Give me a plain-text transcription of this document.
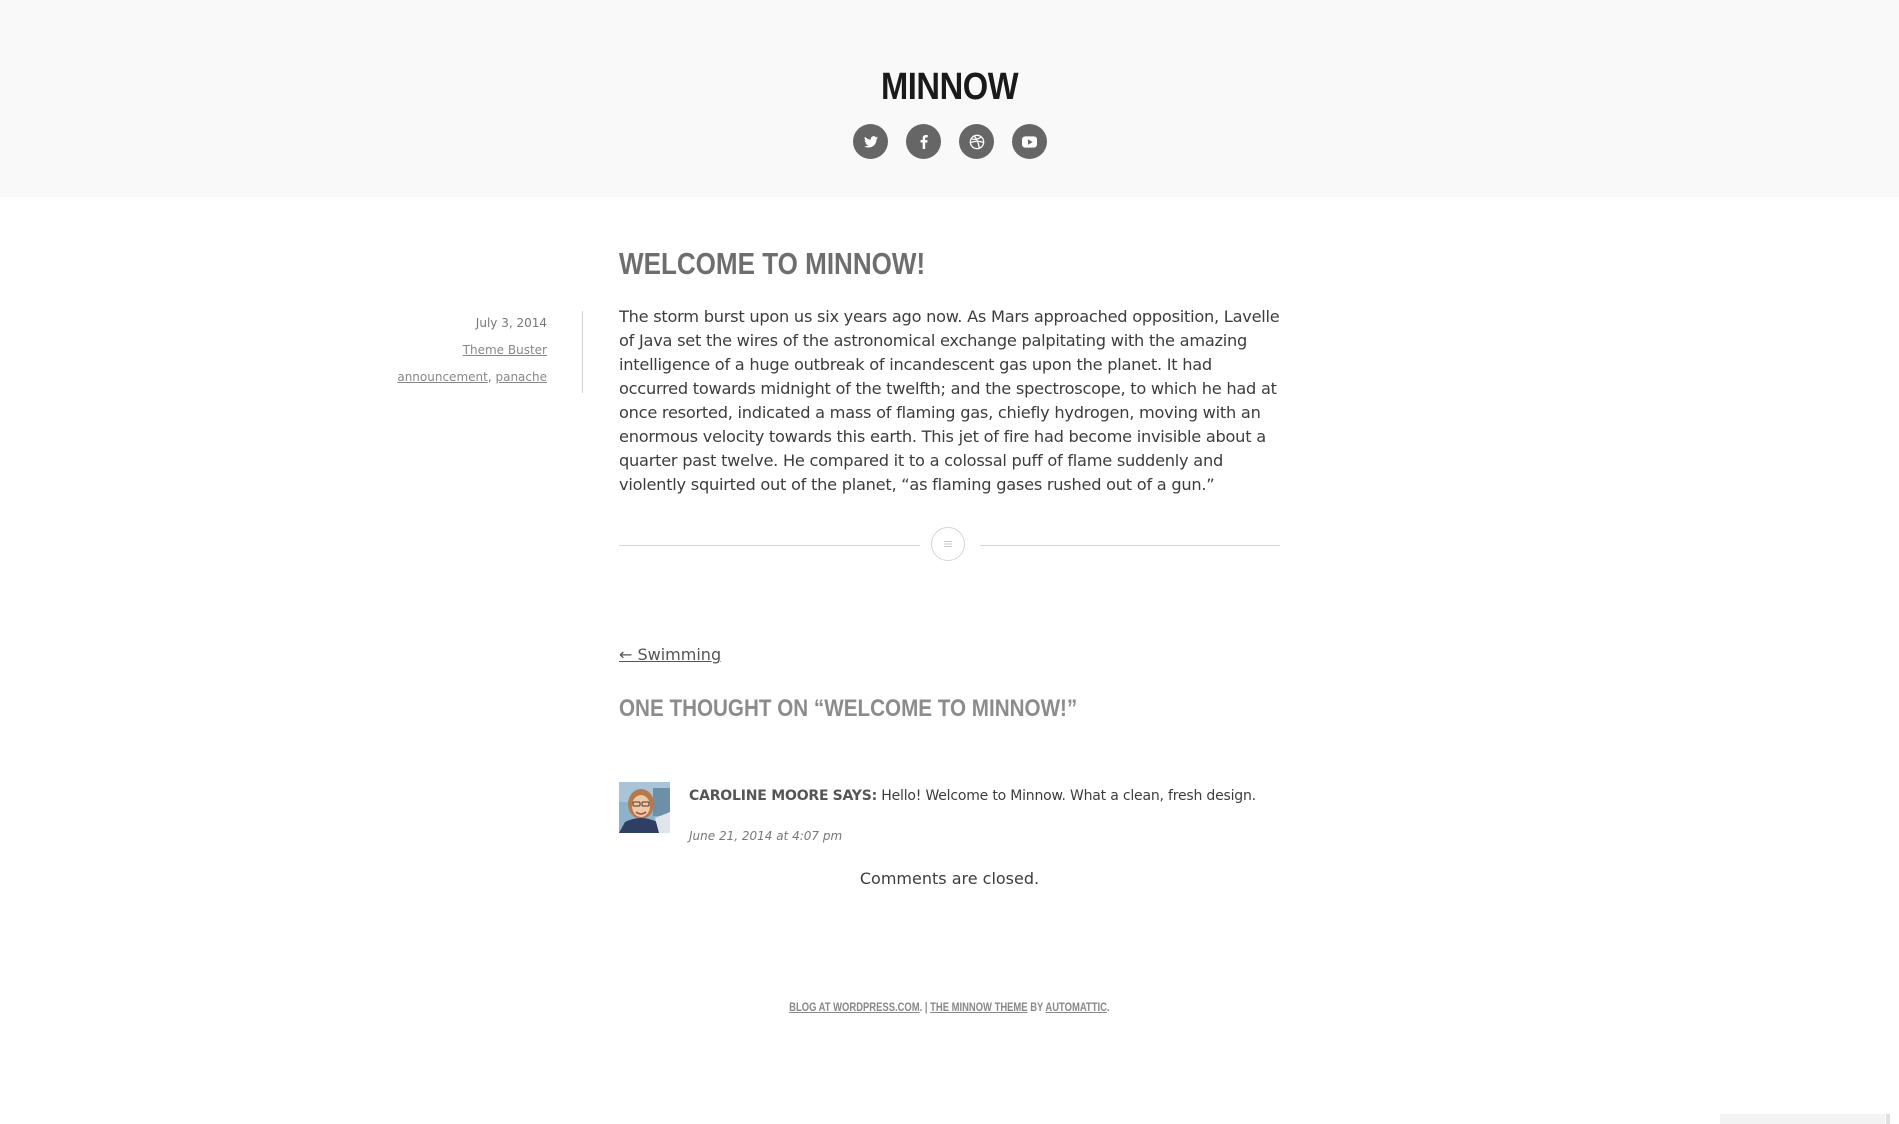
MINNOW
WELCOME TO MINNOW!
July 3, 2014
Theme Buster
announcement, panache

The storm burst upon us six years ago now. As Mars approached opposition, Lavelle of Java set the wires of the astronomical exchange palpitating with the amazing intelligence of a huge outbreak of incandescent gas upon the planet. It had occurred towards midnight of the twelfth; and the spectroscope, to which he had at once resorted, indicated a mass of flaming gas, chiefly hydrogen, moving with an enormous velocity towards this earth. This jet of fire had become invisible about a quarter past twelve. He compared it to a colossal puff of flame suddenly and violently squirted out of the planet, “as flaming gases rushed out of a gun.”

← Swimming
ONE THOUGHT ON “WELCOME TO MINNOW!”
CAROLINE MOORE SAYS: Hello! Welcome to Minnow. What a clean, fresh design.
June 21, 2014 at 4:07 pm
Comments are closed.
BLOG AT WORDPRESS.COM. | THE MINNOW THEME BY AUTOMATTIC.
